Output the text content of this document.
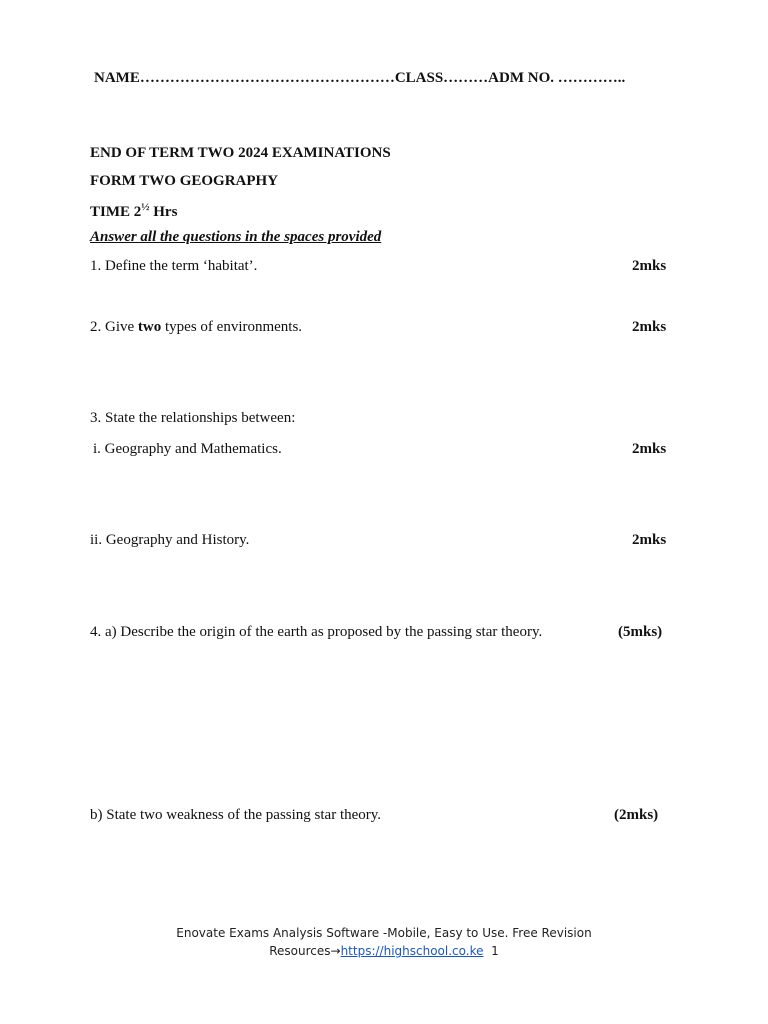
NAME……………………………………………CLASS………ADM NO. …………..
END OF TERM TWO 2024 EXAMINATIONS
FORM TWO GEOGRAPHY
TIME $2^{\frac{1}{2}}$ Hrs
Answer all the questions in the spaces provided
1. Define the term ‘habitat’.	2mks
2. Give two types of environments.	2mks
3. State the relationships between:
i. Geography and Mathematics.	2mks
ii. Geography and History.	2mks
4. a) Describe the origin of the earth as proposed by the passing star theory.	(5mks)
b) State two weakness of the passing star theory.	(2mks)
Enovate Exams Analysis Software -Mobile, Easy to Use. Free Revision
Resources→https://highschool.co.ke 1
